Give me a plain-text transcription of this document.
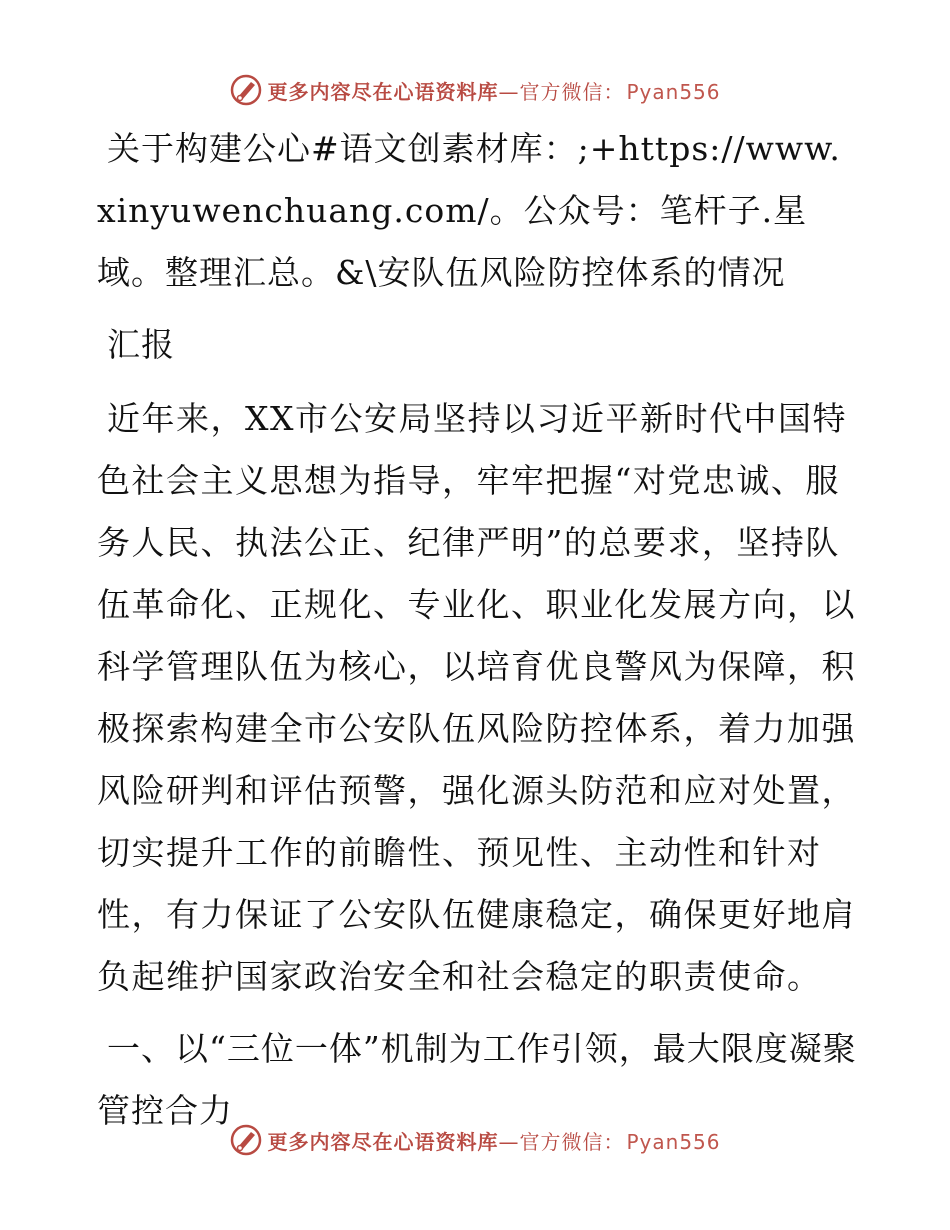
更多内容尽在心语资料库—官方微信： Pyan556

关于构建公心#语文创素材库：;+https://www.xinyuwenchuang.com/。公众号：笔杆子.星域。整理汇总。&\安队伍风险防控体系的情况

汇报

近年来，XX市公安局坚持以习近平新时代中国特色社会主义思想为指导，牢牢把握“对党忠诚、服务人民、执法公正、纪律严明”的总要求，坚持队伍革命化、正规化、专业化、职业化发展方向，以科学管理队伍为核心，以培育优良警风为保障，积极探索构建全市公安队伍风险防控体系，着力加强风险研判和评估预警，强化源头防范和应对处置，切实提升工作的前瞻性、预见性、主动性和针对性，有力保证了公安队伍健康稳定，确保更好地肩负起维护国家政治安全和社会稳定的职责使命。

一、以“三位一体”机制为工作引领，最大限度凝聚管控合力

更多内容尽在心语资料库—官方微信： Pyan556
